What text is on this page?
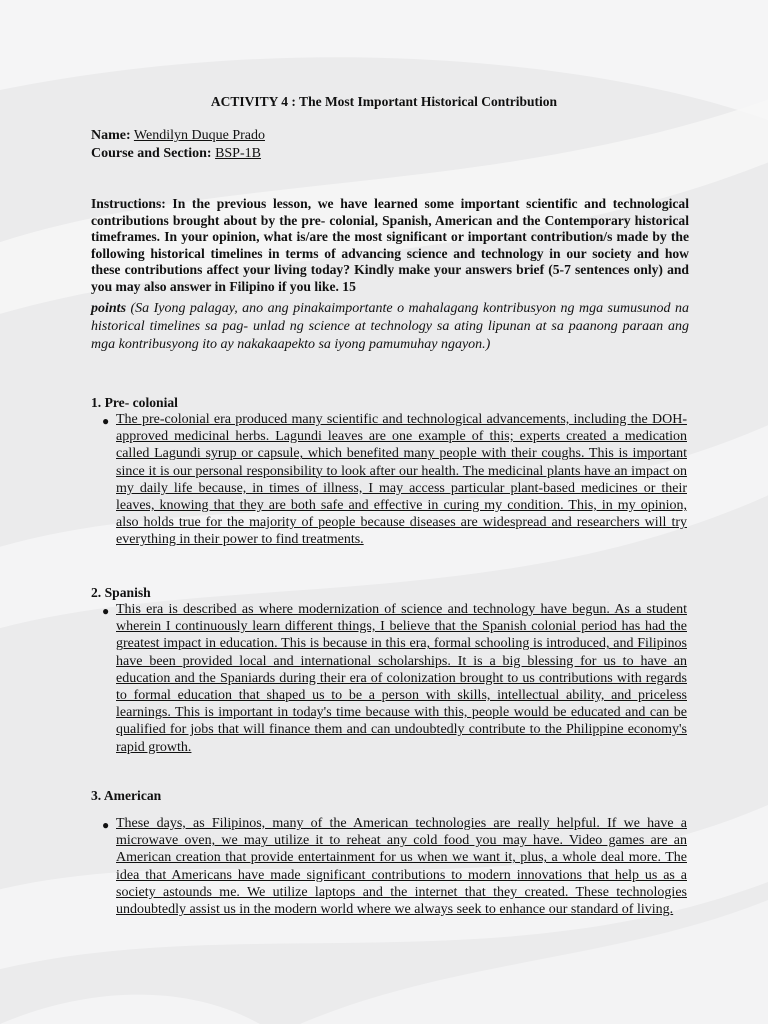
ACTIVITY 4 : The Most Important Historical Contribution
Name: Wendilyn Duque Prado
Course and Section: BSP-1B
Instructions: In the previous lesson, we have learned some important scientific and technological contributions brought about by the pre- colonial, Spanish, American and the Contemporary historical timeframes. In your opinion, what is/are the most significant or important contribution/s made by the following historical timelines in terms of advancing science and technology in our society and how these contributions affect your living today? Kindly make your answers brief (5-7 sentences only) and you may also answer in Filipino if you like. 15
points (Sa Iyong palagay, ano ang pinakaimportante o mahalagang kontribusyon ng mga sumusunod na historical timelines sa pag- unlad ng science at technology sa ating lipunan at sa paanong paraan ang mga kontribusyong ito ay nakakaapekto sa iyong pamumuhay ngayon.)
1. Pre- colonial
● The pre-colonial era produced many scientific and technological advancements, including the DOH-approved medicinal herbs. Lagundi leaves are one example of this; experts created a medication called Lagundi syrup or capsule, which benefited many people with their coughs. This is important since it is our personal responsibility to look after our health. The medicinal plants have an impact on my daily life because, in times of illness, I may access particular plant-based medicines or their leaves, knowing that they are both safe and effective in curing my condition. This, in my opinion, also holds true for the majority of people because diseases are widespread and researchers will try everything in their power to find treatments.
2. Spanish
● This era is described as where modernization of science and technology have begun. As a student wherein I continuously learn different things, I believe that the Spanish colonial period has had the greatest impact in education. This is because in this era, formal schooling is introduced, and Filipinos have been provided local and international scholarships. It is a big blessing for us to have an education and the Spaniards during their era of colonization brought to us contributions with regards to formal education that shaped us to be a person with skills, intellectual ability, and priceless learnings. This is important in today's time because with this, people would be educated and can be qualified for jobs that will finance them and can undoubtedly contribute to the Philippine economy's rapid growth.
3. American
● These days, as Filipinos, many of the American technologies are really helpful. If we have a microwave oven, we may utilize it to reheat any cold food you may have. Video games are an American creation that provide entertainment for us when we want it, plus, a whole deal more. The idea that Americans have made significant contributions to modern innovations that help us as a society astounds me. We utilize laptops and the internet that they created. These technologies undoubtedly assist us in the modern world where we always seek to enhance our standard of living.
